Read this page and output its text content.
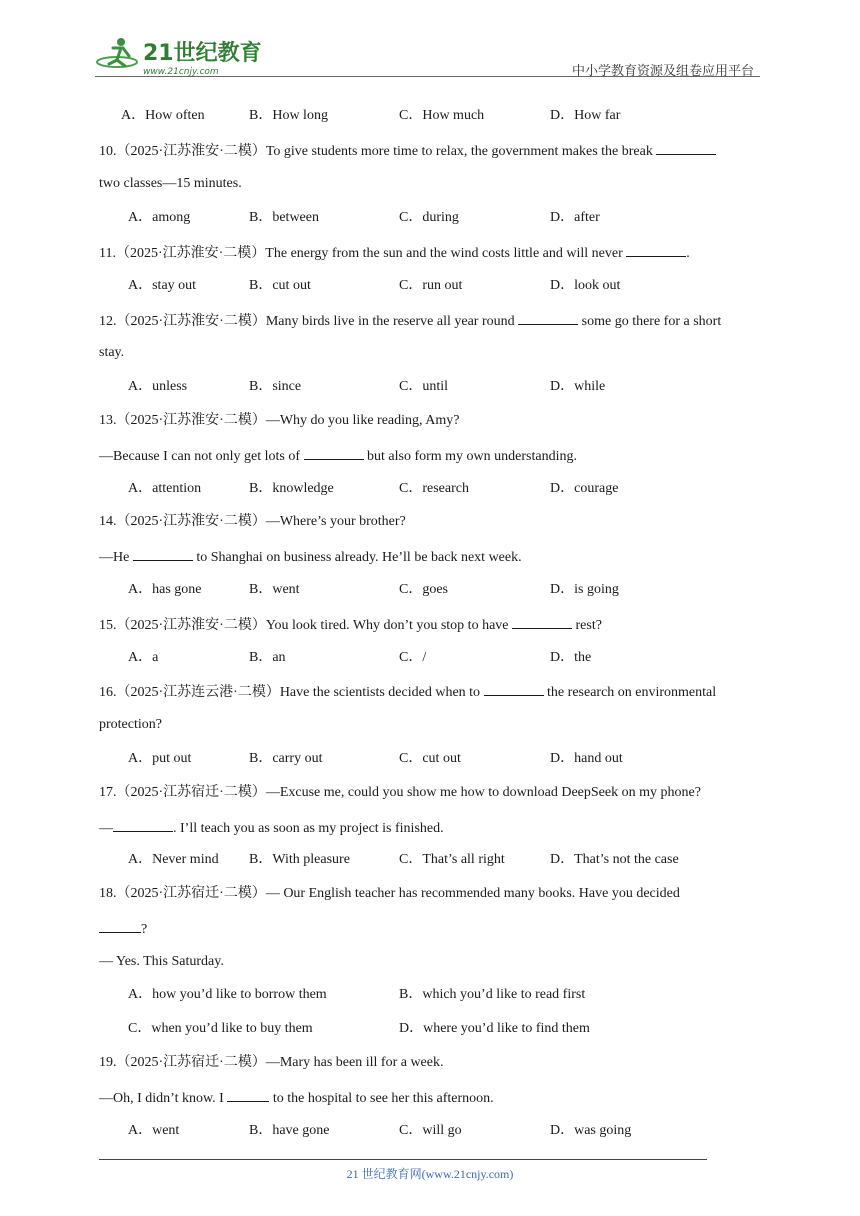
21世纪教育
www.21cnjy.com	中小学教育资源及组卷应用平台
A．How often	B．How long	C．How much	D．How far
10.（2025·江苏淮安·二模）To give students more time to relax, the government makes the break
two classes—15 minutes.
A．among	B．between	C．during	D．after
11.（2025·江苏淮安·二模）The energy from the sun and the wind costs little and will never	.
A．stay out	B．cut out	C．run out	D．look out
12.（2025·江苏淮安·二模）Many birds live in the reserve all year round	some go there for a short
stay.
A．unless	B．since	C．until	D．while
13.（2025·江苏淮安·二模）—Why do you like reading, Amy?
—Because I can not only get lots of	but also form my own understanding.
A．attention	B．knowledge	C．research	D．courage
14.（2025·江苏淮安·二模）—Where’s your brother?
—He	to Shanghai on business already. He’ll be back next week.
A．has gone	B．went	C．goes	D．is going
15.（2025·江苏淮安·二模）You look tired. Why don’t you stop to have	rest?
A．a	B．an	C．/	D．the
16.（2025·江苏连云港·二模）Have the scientists decided when to	the research on environmental
protection?
A．put out	B．carry out	C．cut out	D．hand out
17.（2025·江苏宿迁·二模）—Excuse me, could you show me how to download DeepSeek on my phone?
—	. I’ll teach you as soon as my project is finished.
A．Never mind B．With pleasure	C．That’s all right	D．That’s not the case
18.（2025·江苏宿迁·二模）— Our English teacher has recommended many books. Have you decided
?
— Yes. This Saturday.
A．how you’d like to borrow them	B．which you’d like to read first
C．when you’d like to buy them	D．where you’d like to find them
19.（2025·江苏宿迁·二模）—Mary has been ill for a week.
—Oh, I didn’t know. I	to the hospital to see her this afternoon.
A．went	B．have gone	C．will go	D．was going
21 世纪教育网(www.21cnjy.com)
